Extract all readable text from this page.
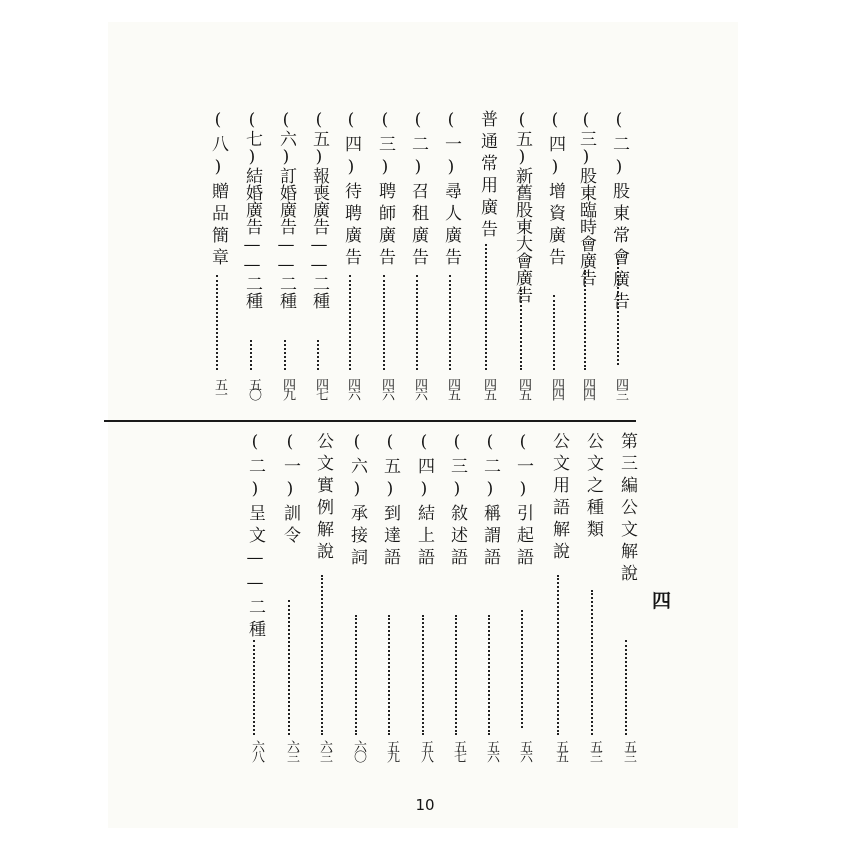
(二)股東常會廣告
四三
(三)股東臨時會廣告
四四
(四)增資廣告
四四
(五)新舊股東大會廣告
四五
普通常用廣告
四五
(一)尋人廣告
四五
(二)召租廣告
四六
(三)聘師廣告
四六
(四)待聘廣告
四六
(五)報喪廣告——二種
四七
(六)訂婚廣告——二種
四九
(七)結婚廣告——二種
五〇
(八)贈品簡章
五一
第三編公文解說
五三
公文之種類
五三
公文用語解說
五五
(一)引起語
五六
(二)稱謂語
五六
(三)敘述語
五七
(四)結上語
五八
(五)到達語
五九
(六)承接詞
六〇
公文實例解說
六三
(一)訓令
六三
(二)呈文——二種
六八
四
10
